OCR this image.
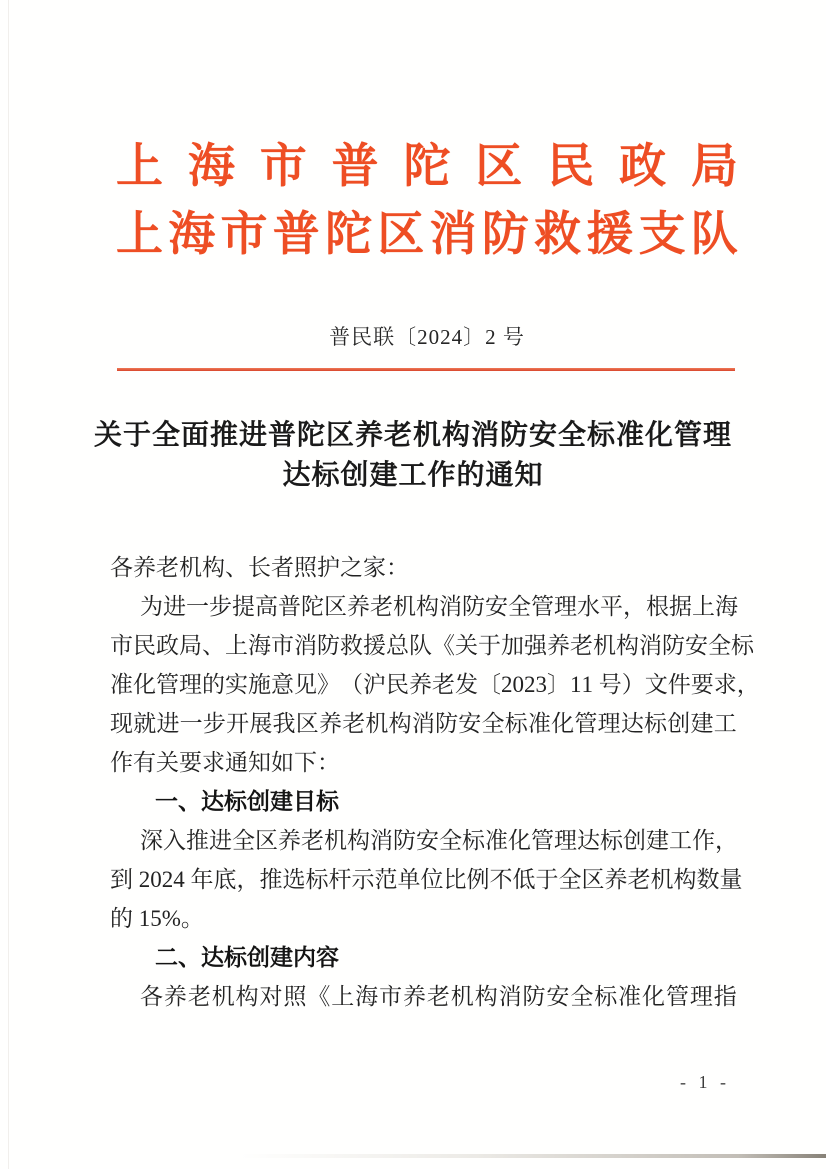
上 海 市 普 陀 区 民 政 局
上 海 市 普 陀 区 消 防 救 援 支 队
普民联〔2024〕2 号
关于全面推进普陀区养老机构消防安全标准化管理
达标创建工作的通知
各养老机构、长者照护之家：
为 进 一 步 提 高 普 陀 区 养 老 机 构 消 防 安 全 管 理 水 平 ， 根 据 上 海
市 民 政 局 、 上 海 市 消 防 救 援 总 队 《 关 于 加 强 养 老 机 构 消 防 安 全 标
准 化 管 理 的 实 施 意 见 》 （ 沪 民 养 老 发 〔 2 0 2 3 〕 1 1
号 ） 文 件 要 求 ，
现 就 进 一 步 开 展 我 区 养 老 机 构 消 防 安 全 标 准 化 管 理 达 标 创 建 工
作有关要求通知如下：
一、达标创建目标
深 入 推 进 全 区 养 老 机 构 消 防 安 全 标 准 化 管 理 达 标 创 建 工 作 ，
到
2 0 2 4
年 底 ， 推 选 标 杆 示 范 单 位 比 例 不 低 于 全 区 养 老 机 构 数 量
的 15%。
二、达标创建内容
各 养 老 机 构 对 照 《 上 海 市 养 老 机 构 消 防 安 全 标 准 化 管 理 指
- 1 -
